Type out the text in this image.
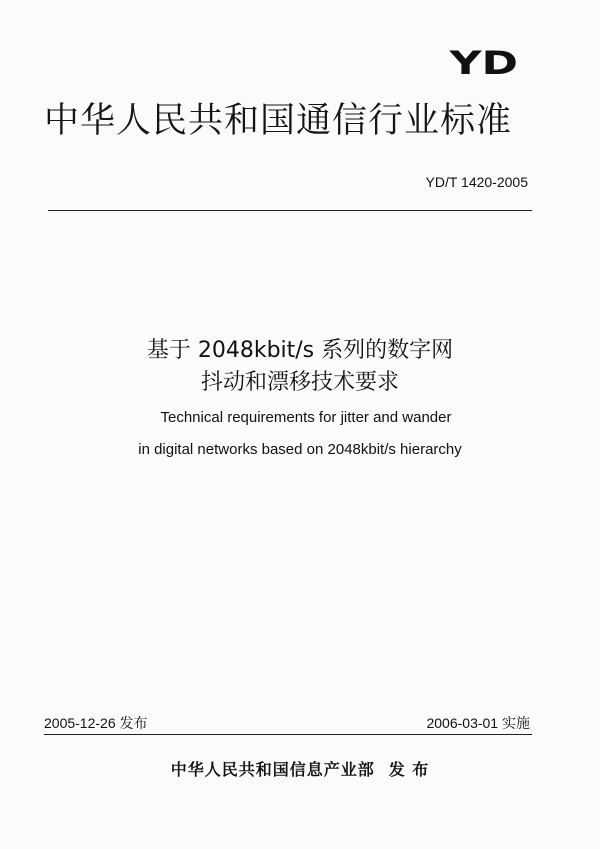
YD
中华人民共和国通信行业标准
YD/T 1420-2005
基于 2048kbit/s 系列的数字网
抖动和漂移技术要求
Technical requirements for jitter and wander
in digital networks based on 2048kbit/s hierarchy
2005-12-26 发布	2006-03-01 实施
中华人民共和国信息产业部 发 布
